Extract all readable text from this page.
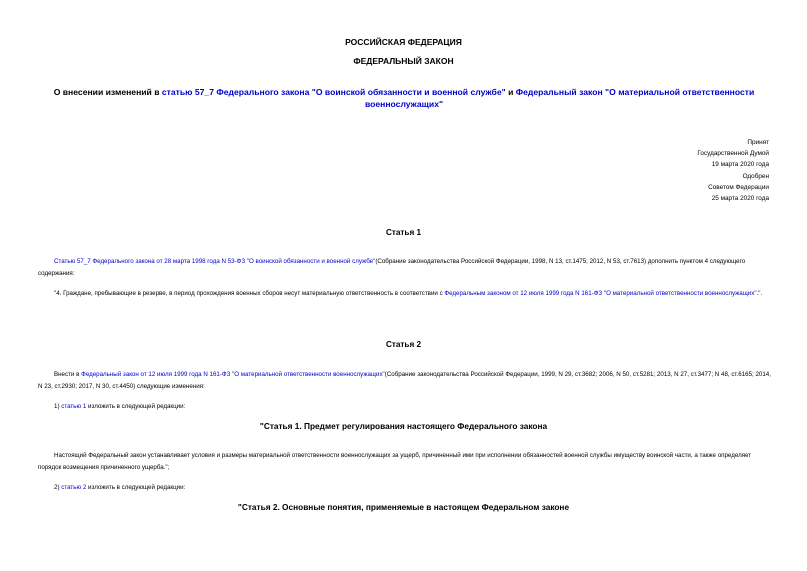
РОССИЙСКАЯ ФЕДЕРАЦИЯ
ФЕДЕРАЛЬНЫЙ ЗАКОН
О внесении изменений в статью 57_7 Федерального закона "О воинской обязанности и военной службе" и Федеральный закон "О материальной ответственности военнослужащих"
Принят
Государственной Думой
19 марта 2020 года
Одобрен
Советом Федерации
25 марта 2020 года
Статья 1
Статью 57_7 Федерального закона от 28 марта 1998 года N 53-ФЗ "О воинской обязанности и военной службе"(Собрание законодательства Российской Федерации, 1998, N 13, ст.1475; 2012, N 53, ст.7613) дополнить пунктом 4 следующего содержания:
"4. Граждане, пребывающие в резерве, в период прохождения военных сборов несут материальную ответственность в соответствии с Федеральным законом от 12 июля 1999 года N 161-ФЗ "О материальной ответственности военнослужащих".".
Статья 2
Внести в Федеральный закон от 12 июля 1999 года N 161-ФЗ "О материальной ответственности военнослужащих"(Собрание законодательства Российской Федерации, 1999, N 29, ст.3682; 2006, N 50, ст.5281; 2013, N 27, ст.3477; N 48, ст.6165; 2014, N 23, ст.2930; 2017, N 30, ст.4450) следующие изменения:
1) статью 1 изложить в следующей редакции:
"Статья 1. Предмет регулирования настоящего Федерального закона
Настоящий Федеральный закон устанавливает условия и размеры материальной ответственности военнослужащих за ущерб, причиненный ими при исполнении обязанностей военной службы имуществу воинской части, а также определяет порядок возмещения причиненного ущерба.";
2) статью 2 изложить в следующей редакции:
"Статья 2. Основные понятия, применяемые в настоящем Федеральном законе
